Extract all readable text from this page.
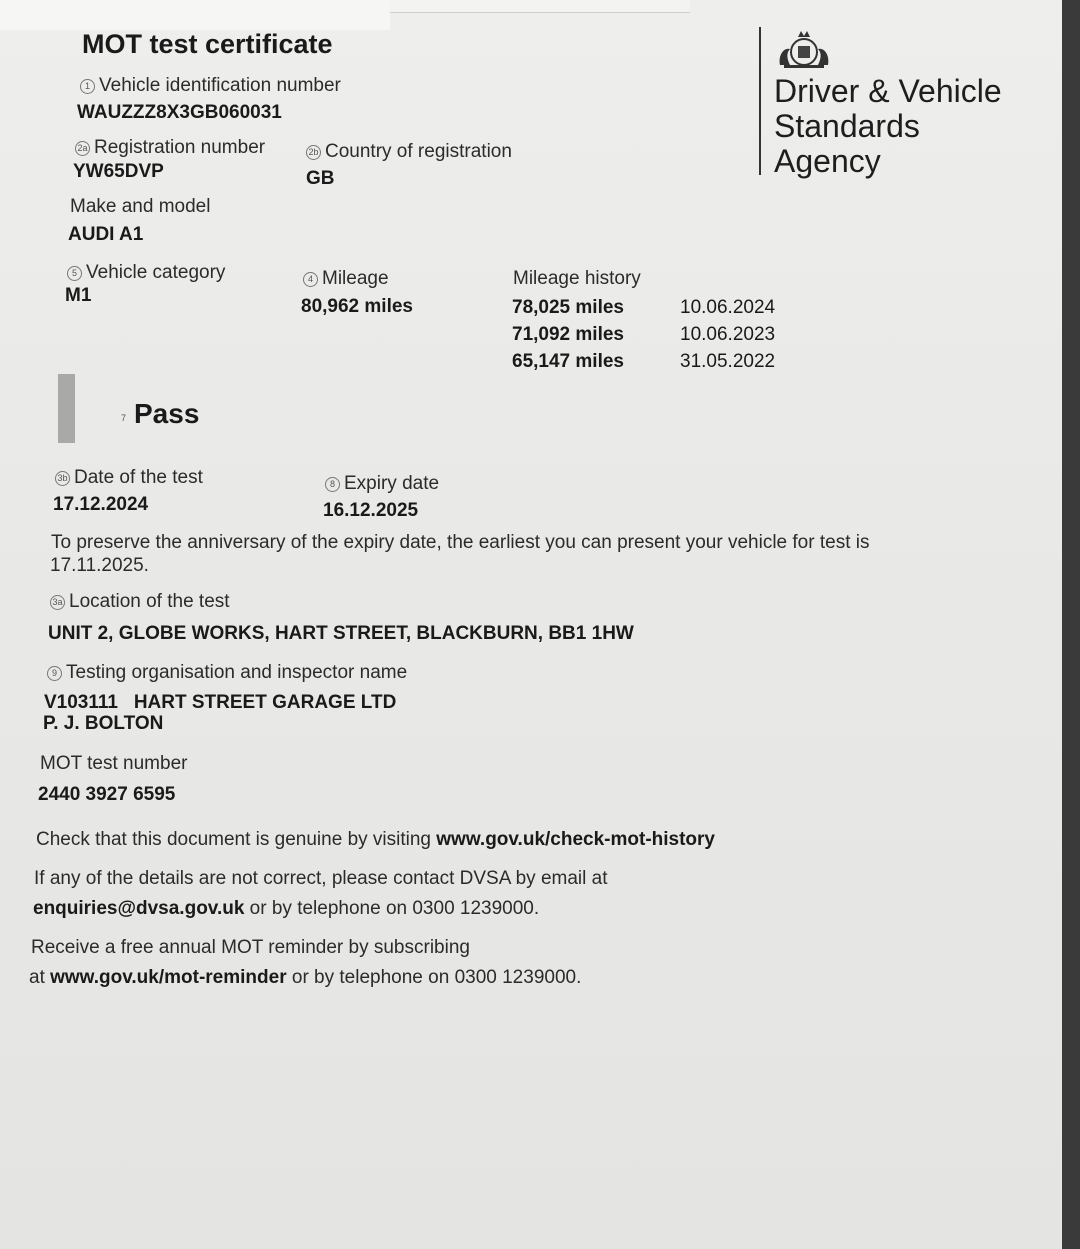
MOT test certificate
Driver & Vehicle
Standards
Agency
1 Vehicle identification number
WAUZZZ8X3GB060031
2a Registration number
YW65DVP
2b Country of registration
GB
Make and model
AUDI A1
5 Vehicle category
M1
4 Mileage
80,962 miles
Mileage history
78,025 miles	10.06.2024
71,092 miles	10.06.2023
65,147 miles	31.05.2022
7 Pass
3b Date of the test
17.12.2024
8 Expiry date
16.12.2025
To preserve the anniversary of the expiry date, the earliest you can present your vehicle for test is
17.11.2025.
3a Location of the test
UNIT 2, GLOBE WORKS, HART STREET, BLACKBURN, BB1 1HW
9 Testing organisation and inspector name
V103111   HART STREET GARAGE LTD
P. J. BOLTON
MOT test number
2440 3927 6595
Check that this document is genuine by visiting www.gov.uk/check-mot-history
If any of the details are not correct, please contact DVSA by email at
enquiries@dvsa.gov.uk or by telephone on 0300 1239000.
Receive a free annual MOT reminder by subscribing
at www.gov.uk/mot-reminder or by telephone on 0300 1239000.
